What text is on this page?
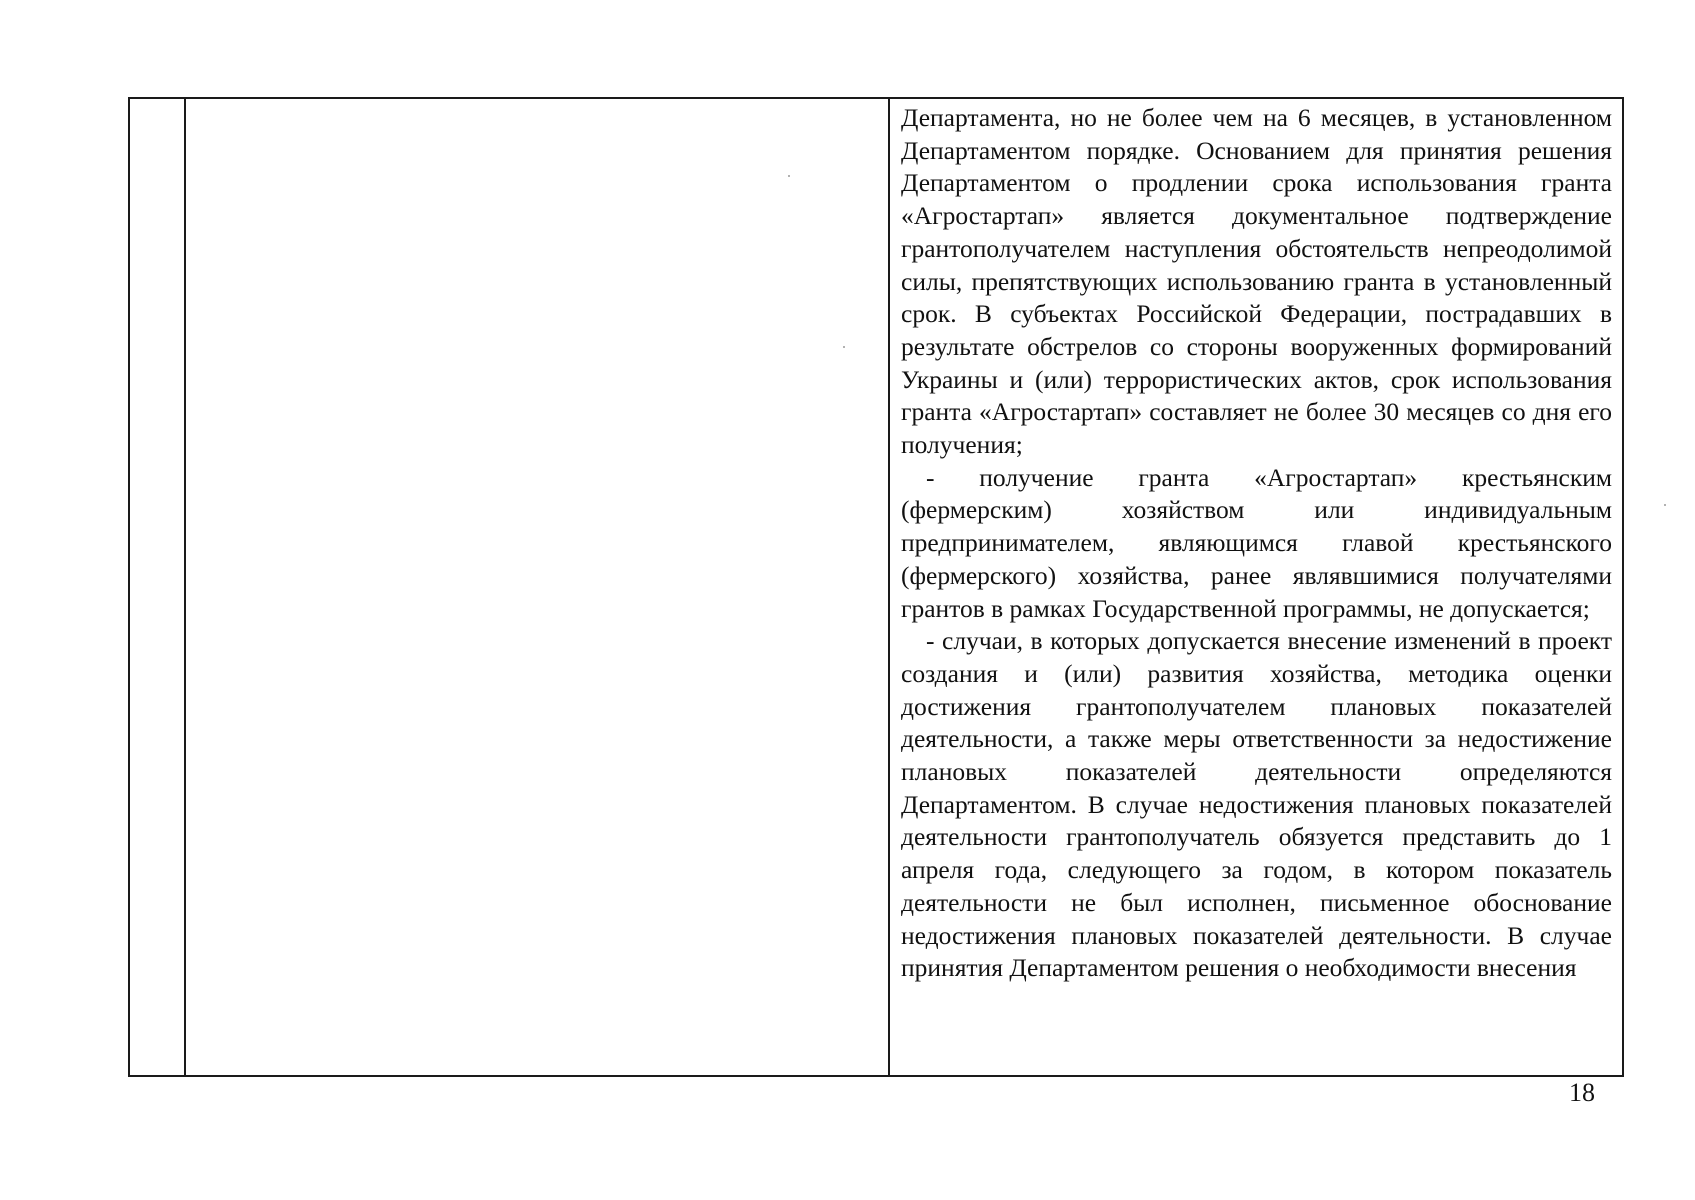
Департамента, но не более чем на 6 месяцев, в установленном Департаментом порядке. Основанием для принятия решения Департаментом о продлении срока использования гранта «Агростартап» является документальное подтверждение грантополучателем наступления обстоятельств непреодолимой силы, препятствующих использованию гранта в установленный срок. В субъектах Российской Федерации, пострадавших в результате обстрелов со стороны вооруженных формирований Украины и (или) террористических актов, срок использования гранта «Агростартап» составляет не более 30 месяцев со дня его получения;

- получение гранта «Агростартап» крестьянским (фермерским) хозяйством или индивидуальным предпринимателем, являющимся главой крестьянского (фермерского) хозяйства, ранее являвшимися получателями грантов в рамках Государственной программы, не допускается;

- случаи, в которых допускается внесение изменений в проект создания и (или) развития хозяйства, методика оценки достижения грантополучателем плановых показателей деятельности, а также меры ответственности за недостижение плановых показателей деятельности определяются Департаментом. В случае недостижения плановых показателей деятельности грантополучатель обязуется представить до 1 апреля года, следующего за годом, в котором показатель деятельности не был исполнен, письменное обоснование недостижения плановых показателей деятельности. В случае принятия Департаментом решения о необходимости внесения

18
